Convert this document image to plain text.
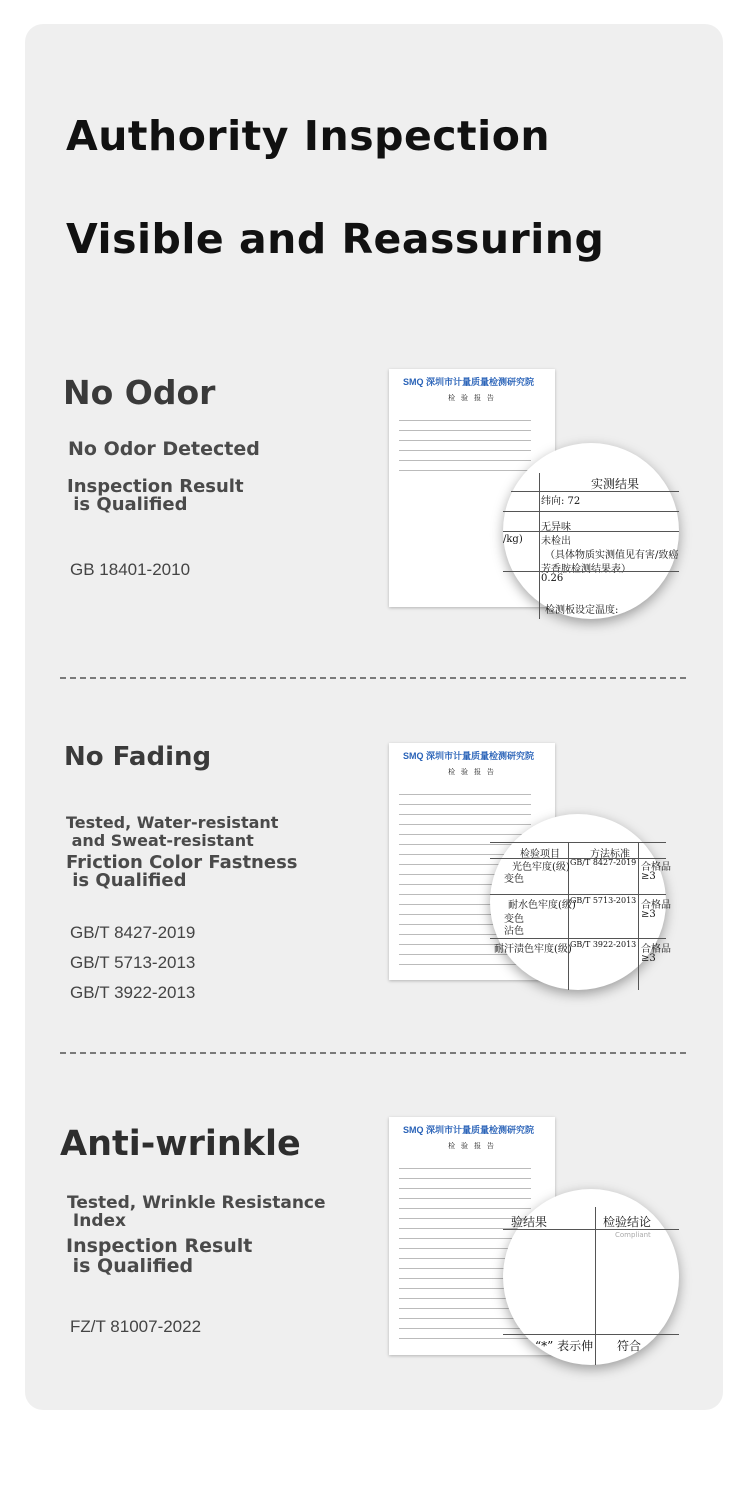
Authority Inspection
Visible and Reassuring
No Odor
No Odor Detected
Inspection Result
is Qualified
GB 18401-2010
SMQ 深圳市计量质量检测研究院
检 验 报 告
实测结果
纬向: 72
无异味
/kg) 未检出
（具体物质实测值见有害/致癌
芳香胺检测结果表）
0.26
检测板设定温度:
No Fading
Tested, Water-resistant
and Sweat-resistant
Friction Color Fastness
is Qualified
GB/T 8427-2019
GB/T 5713-2013
GB/T 3922-2013
SMQ 深圳市计量质量检测研究院
检 验 报 告
检验项目	方法标准
光色牢度(级) GB/T 8427-2019 合格品
≥3
变色
耐水色牢度(级)
变色
沾色
GB/T 5713-2013 合格品
≥3
耐汗渍色牢度(级)
GB/T 3922-2013 合格品
≥3
Anti-wrinkle
Tested, Wrinkle Resistance
Index
Inspection Result
is Qualified
FZ/T 81007-2022
SMQ 深圳市计量质量检测研究院
检 验 报 告
验结果	检验结论
Compliant
“*” 表示伸 符合
